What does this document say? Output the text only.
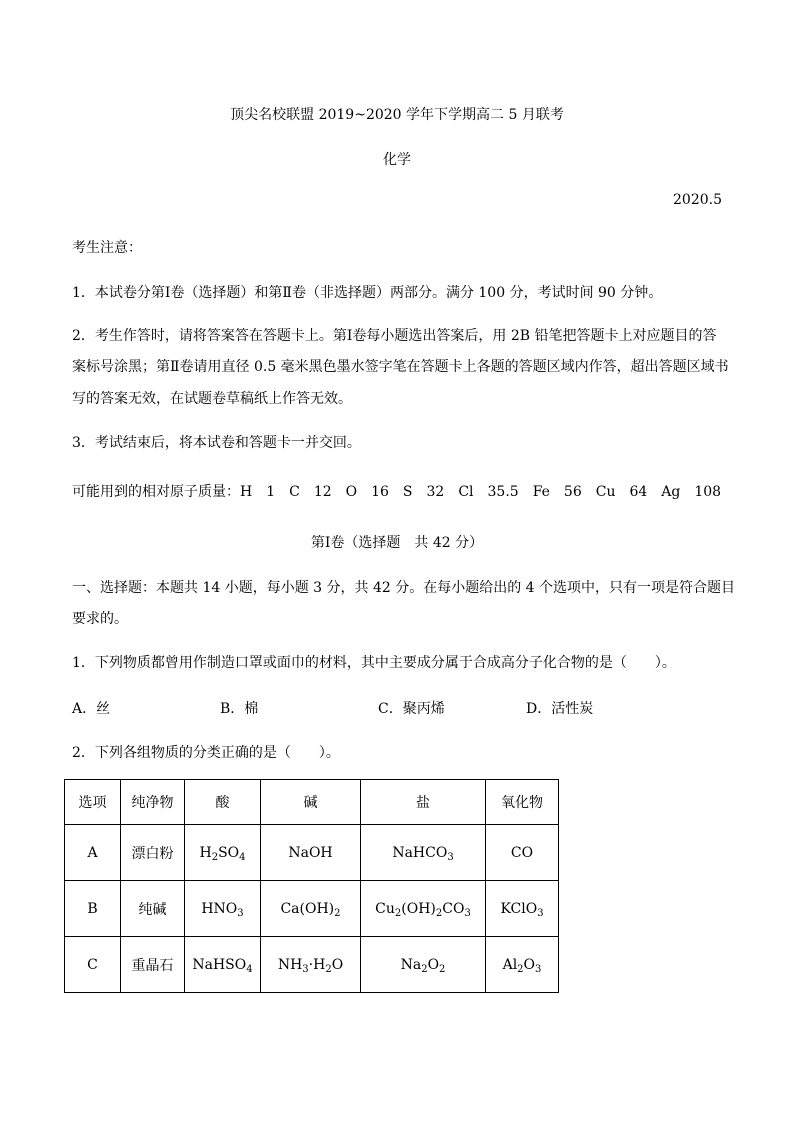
顶尖名校联盟 2019~2020 学年下学期高二 5 月联考
化学
2020.5
考生注意：
1．本试卷分第Ⅰ卷（选择题）和第Ⅱ卷（非选择题）两部分。满分 100 分，考试时间 90 分钟。
2．考生作答时，请将答案答在答题卡上。第Ⅰ卷每小题选出答案后，用 2B 铅笔把答题卡上对应题目的答
案标号涂黑；第Ⅱ卷请用直径 0.5 毫米黑色墨水签字笔在答题卡上各题的答题区域内作答，超出答题区域书
写的答案无效，在试题卷草稿纸上作答无效。
3．考试结束后，将本试卷和答题卡一并交回。
可能用到的相对原子质量：H　1　C　12　O　16　S　32　Cl　35.5　Fe　56　Cu　64　Ag　108
第Ⅰ卷（选择题　共 42 分）
一、选择题：本题共 14 小题，每小题 3 分，共 42 分。在每小题给出的 4 个选项中，只有一项是符合题目
要求的。
1．下列物质都曾用作制造口罩或面巾的材料，其中主要成分属于合成高分子化合物的是（　　）。
A．丝	B．棉	C．聚丙烯	D．活性炭
2．下列各组物质的分类正确的是（　　）。
选项	纯净物	酸	碱	盐	氧化物
A	漂白粉	$H_2SO_4$	NaOH	NaHCO$_3$	CO
B	纯碱	$HNO_3$	$Ca(OH)_2$	$Cu_2(OH)_2CO_3$	KClO$_3$
C	重晶石	NaHSO$_4$	$NH_3\cdot H_2O$	$Na_2O_2$	$Al_2O_3$
